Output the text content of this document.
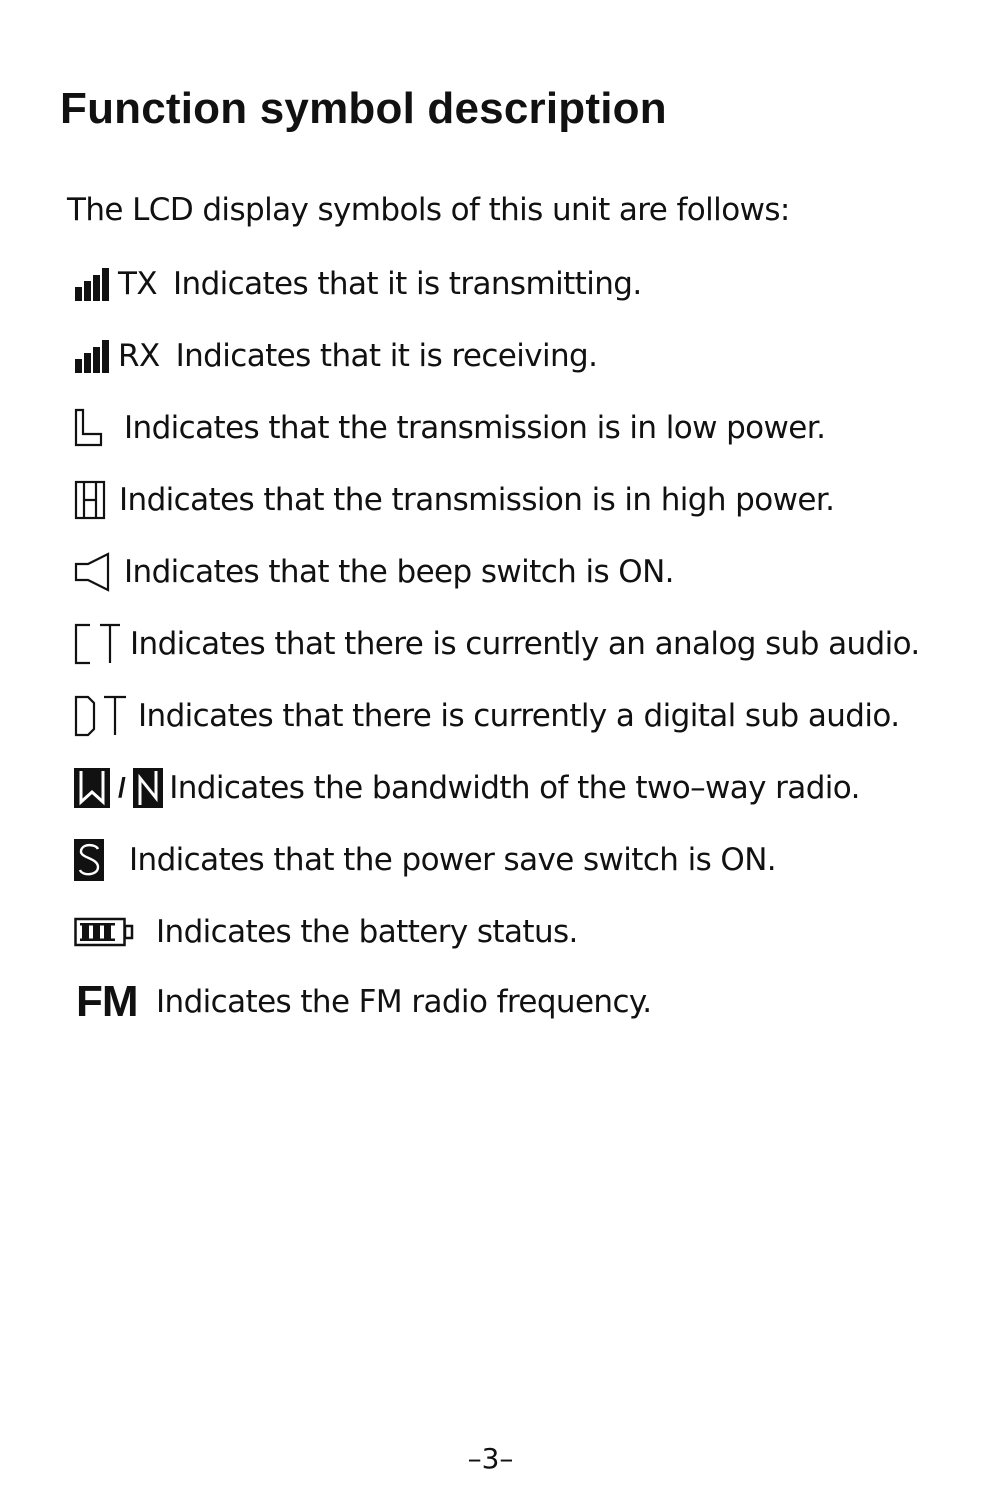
Function symbol description
The LCD display symbols of this unit are follows:
TX Indicates that it is transmitting.
RX Indicates that it is receiving.
Indicates that the transmission is in low power.
Indicates that the transmission is in high power.
Indicates that the beep switch is ON.
Indicates that there is currently an analog sub audio.
Indicates that there is currently a digital sub audio.
/ Indicates the bandwidth of the two–way radio.
Indicates that the power save switch is ON.
Indicates the battery status.
FM Indicates the FM radio frequency.
–3–
